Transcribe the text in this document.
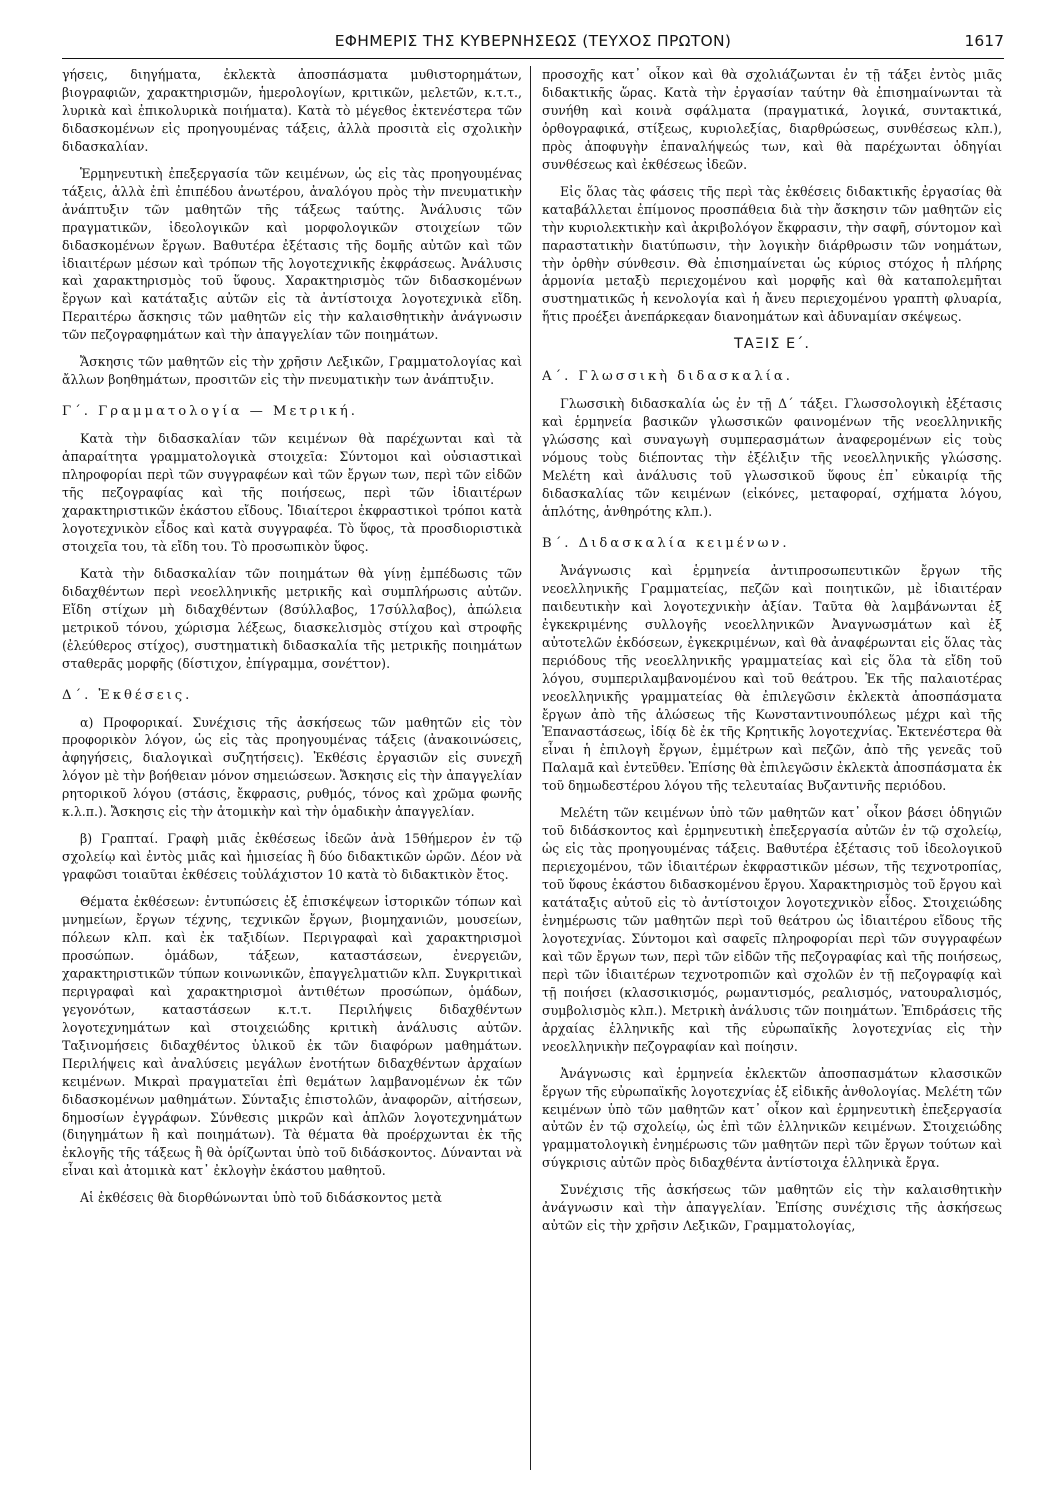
ΕΦΗΜΕΡΙΣ ΤΗΣ ΚΥΒΕΡΝΗΣΕΩΣ (ΤΕΥΧΟΣ ΠΡΩΤΟΝ)	1617

γήσεις, διηγήματα, ἐκλεκτὰ ἀποσπάσματα μυθιστορημάτων, βιογραφιῶν, χαρακτηρισμῶν, ἡμερολογίων, κριτικῶν, μελετῶν, κ.τ.τ., λυρικὰ καὶ ἐπικολυρικὰ ποιήματα). Κατὰ τὸ μέγεθος ἐκτενέστερα τῶν διδασκομένων εἰς προηγουμένας τάξεις, ἀλλὰ προσιτὰ εἰς σχολικὴν διδασκαλίαν.

Ἑρμηνευτικὴ ἐπεξεργασία τῶν κειμένων, ὡς εἰς τὰς προηγουμένας τάξεις, ἀλλὰ ἐπὶ ἐπιπέδου ἀνωτέρου, ἀναλόγου πρὸς τὴν πνευματικὴν ἀνάπτυξιν τῶν μαθητῶν τῆς τάξεως ταύτης. Ἀνάλυσις τῶν πραγματικῶν, ἰδεολογικῶν καὶ μορφολογικῶν στοιχείων τῶν διδασκομένων ἔργων. Βαθυτέρα ἐξέτασις τῆς δομῆς αὐτῶν καὶ τῶν ἰδιαιτέρων μέσων καὶ τρόπων τῆς λογοτεχνικῆς ἐκφράσεως. Ἀνάλυσις καὶ χαρακτηρισμὸς τοῦ ὕφους. Χαρακτηρισμὸς τῶν διδασκομένων ἔργων καὶ κατάταξις αὐτῶν εἰς τὰ ἀντίστοιχα λογοτεχνικὰ εἴδη. Περαιτέρω ἄσκησις τῶν μαθητῶν εἰς τὴν καλαισθητικὴν ἀνάγνωσιν τῶν πεζογραφημάτων καὶ τὴν ἀπαγγελίαν τῶν ποιημάτων.

Ἄσκησις τῶν μαθητῶν εἰς τὴν χρῆσιν Λεξικῶν, Γραμματολογίας καὶ ἄλλων βοηθημάτων, προσιτῶν εἰς τὴν πνευματικὴν των ἀνάπτυξιν.

Γ΄. Γραμματολογία — Μετρική.

Κατὰ τὴν διδασκαλίαν τῶν κειμένων θὰ παρέχωνται καὶ τὰ ἀπαραίτητα γραμματολογικὰ στοιχεῖα: Σύντομοι καὶ οὐσιαστικαὶ πληροφορίαι περὶ τῶν συγγραφέων καὶ τῶν ἔργων των, περὶ τῶν εἰδῶν τῆς πεζογραφίας καὶ τῆς ποιήσεως, περὶ τῶν ἰδιαιτέρων χαρακτηριστικῶν ἑκάστου εἴδους. Ἰδιαίτεροι ἐκφραστικοὶ τρόποι κατὰ λογοτεχνικὸν εἶδος καὶ κατὰ συγγραφέα. Τὸ ὕφος, τὰ προσδιοριστικὰ στοιχεῖα του, τὰ εἴδη του. Τὸ προσωπικὸν ὕφος.

Κατὰ τὴν διδασκαλίαν τῶν ποιημάτων θὰ γίνῃ ἐμπέδωσις τῶν διδαχθέντων περὶ νεοελληνικῆς μετρικῆς καὶ συμπλήρωσις αὐτῶν. Εἴδη στίχων μὴ διδαχθέντων (8σύλλαβος, 17σύλλαβος), ἀπώλεια μετρικοῦ τόνου, χώρισμα λέξεως, διασκελισμὸς στίχου καὶ στροφῆς (ἐλεύθερος στίχος), συστηματικὴ διδασκαλία τῆς μετρικῆς ποιημάτων σταθερᾶς μορφῆς (δίστιχον, ἐπίγραμμα, σονέττον).

Δ΄. Ἐκθέσεις.

α) Προφορικαί. Συνέχισις τῆς ἀσκήσεως τῶν μαθητῶν εἰς τὸν προφορικὸν λόγον, ὡς εἰς τὰς προηγουμένας τάξεις (ἀνακοινώσεις, ἀφηγήσεις, διαλογικαὶ συζητήσεις). Ἐκθέσις ἐργασιῶν εἰς συνεχῆ λόγον μὲ τὴν βοήθειαν μόνον σημειώσεων. Ἄσκησις εἰς τὴν ἀπαγγελίαν ρητορικοῦ λόγου (στάσις, ἔκφρασις, ρυθμός, τόνος καὶ χρῶμα φωνῆς κ.λ.π.). Ἄσκησις εἰς τὴν ἀτομικὴν καὶ τὴν ὁμαδικὴν ἀπαγγελίαν.

β) Γραπταί. Γραφὴ μιᾶς ἐκθέσεως ἰδεῶν ἀνὰ 15θήμερον ἐν τῷ σχολείῳ καὶ ἐντὸς μιᾶς καὶ ἡμισείας ἢ δύο διδακτικῶν ὡρῶν. Δέον νὰ γραφῶσι τοιαῦται ἐκθέσεις τοὐλάχιστον 10 κατὰ τὸ διδακτικὸν ἔτος.

Θέματα ἐκθέσεων: ἐντυπώσεις ἐξ ἐπισκέψεων ἱστορικῶν τόπων καὶ μνημείων, ἔργων τέχνης, τεχνικῶν ἔργων, βιομηχανιῶν, μουσείων, πόλεων κλπ. καὶ ἐκ ταξιδίων. Περιγραφαὶ καὶ χαρακτηρισμοὶ προσώπων. ὁμάδων, τάξεων, καταστάσεων, ἐνεργειῶν, χαρακτηριστικῶν τύπων κοινωνικῶν, ἐπαγγελματιῶν κλπ. Συγκριτικαὶ περιγραφαὶ καὶ χαρακτηρισμοὶ ἀντιθέτων προσώπων, ὁμάδων, γεγονότων, καταστάσεων κ.τ.τ. Περιλήψεις διδαχθέντων λογοτεχνημάτων καὶ στοιχειώδης κριτικὴ ἀνάλυσις αὐτῶν. Ταξινομήσεις διδαχθέντος ὑλικοῦ ἐκ τῶν διαφόρων μαθημάτων. Περιλήψεις καὶ ἀναλύσεις μεγάλων ἑνοτήτων διδαχθέντων ἀρχαίων κειμένων. Μικραὶ πραγματεῖαι ἐπὶ θεμάτων λαμβανομένων ἐκ τῶν διδασκομένων μαθημάτων. Σύνταξις ἐπιστολῶν, ἀναφορῶν, αἰτήσεων, δημοσίων ἐγγράφων. Σύνθεσις μικρῶν καὶ ἁπλῶν λογοτεχνημάτων (διηγημάτων ἢ καὶ ποιημάτων). Τὰ θέματα θὰ προέρχωνται ἐκ τῆς ἐκλογῆς τῆς τάξεως ἢ θὰ ὁρίζωνται ὑπὸ τοῦ διδάσκοντος. Δύνανται νὰ εἶναι καὶ ἀτομικὰ κατ᾿ ἐκλογὴν ἑκάστου μαθητοῦ.

Αἱ ἐκθέσεις θὰ διορθώνωνται ὑπὸ τοῦ διδάσκοντος μετὰ

προσοχῆς κατ᾿ οἶκον καὶ θὰ σχολιάζωνται ἐν τῇ τάξει ἐντὸς μιᾶς διδακτικῆς ὥρας. Κατὰ τὴν ἐργασίαν ταύτην θὰ ἐπισημαίνωνται τὰ συνήθη καὶ κοινὰ σφάλματα (πραγματικά, λογικά, συντακτικά, ὀρθογραφικά, στίξεως, κυριολεξίας, διαρθρώσεως, συνθέσεως κλπ.), πρὸς ἀποφυγὴν ἐπαναλήψεώς των, καὶ θὰ παρέχωνται ὁδηγίαι συνθέσεως καὶ ἐκθέσεως ἰδεῶν.

Εἰς ὅλας τὰς φάσεις τῆς περὶ τὰς ἐκθέσεις διδακτικῆς ἐργασίας θὰ καταβάλλεται ἐπίμονος προσπάθεια διὰ τὴν ἄσκησιν τῶν μαθητῶν εἰς τὴν κυριολεκτικὴν καὶ ἀκριβολόγον ἔκφρασιν, τὴν σαφῆ, σύντομον καὶ παραστατικὴν διατύπωσιν, τὴν λογικὴν διάρθρωσιν τῶν νοημάτων, τὴν ὀρθὴν σύνθεσιν. Θὰ ἐπισημαίνεται ὡς κύριος στόχος ἡ πλήρης ἁρμονία μεταξὺ περιεχομένου καὶ μορφῆς καὶ θὰ καταπολεμῆται συστηματικῶς ἡ κενολογία καὶ ἡ ἄνευ περιεχομένου γραπτὴ φλυαρία, ἥτις προέξει ἀνεπάρκεᾳαν διανοημάτων καὶ ἀδυναμίαν σκέψεως.

ΤΑΞΙΣ Ε΄.
Α΄. Γλωσσικὴ διδασκαλία.

Γλωσσικὴ διδασκαλία ὡς ἐν τῇ Δ΄ τάξει. Γλωσσολογικὴ ἐξέτασις καὶ ἑρμηνεία βασικῶν γλωσσικῶν φαινομένων τῆς νεοελληνικῆς γλώσσης καὶ συναγωγὴ συμπερασμάτων ἀναφερομένων εἰς τοὺς νόμους τοὺς διέποντας τὴν ἐξέλιξιν τῆς νεοελληνικῆς γλώσσης. Μελέτη καὶ ἀνάλυσις τοῦ γλωσσικοῦ ὕφους ἐπ᾿ εὐκαιρίᾳ τῆς διδασκαλίας τῶν κειμένων (εἰκόνες, μεταφοραί, σχήματα λόγου, ἁπλότης, ἀνθηρότης κλπ.).

Β΄. Διδασκαλία κειμένων.

Ἀνάγνωσις καὶ ἑρμηνεία ἀντιπροσωπευτικῶν ἔργων τῆς νεοελληνικῆς Γραμματείας, πεζῶν καὶ ποιητικῶν, μὲ ἰδιαιτέραν παιδευτικὴν καὶ λογοτεχνικὴν ἀξίαν. Ταῦτα θὰ λαμβάνωνται ἐξ ἐγκεκριμένης συλλογῆς νεοελληνικῶν Ἀναγνωσμάτων καὶ ἐξ αὐτοτελῶν ἐκδόσεων, ἐγκεκριμένων, καὶ θὰ ἀναφέρωνται εἰς ὅλας τὰς περιόδους τῆς νεοελληνικῆς γραμματείας καὶ εἰς ὅλα τὰ εἴδη τοῦ λόγου, συμπεριλαμβανομένου καὶ τοῦ θεάτρου. Ἐκ τῆς παλαιοτέρας νεοελληνικῆς γραμματείας θὰ ἐπιλεγῶσιν ἐκλεκτὰ ἀποσπάσματα ἔργων ἀπὸ τῆς ἁλώσεως τῆς Κωνσταντινουπόλεως μέχρι καὶ τῆς Ἐπαναστάσεως, ἰδίᾳ δὲ ἐκ τῆς Κρητικῆς λογοτεχνίας. Ἐκτενέστερα θὰ εἶναι ἡ ἐπιλογὴ ἔργων, ἐμμέτρων καὶ πεζῶν, ἀπὸ τῆς γενεᾶς τοῦ Παλαμᾶ καὶ ἐντεῦθεν. Ἐπίσης θὰ ἐπιλεγῶσιν ἐκλεκτὰ ἀποσπάσματα ἐκ τοῦ δημωδεστέρου λόγου τῆς τελευταίας Βυζαντινῆς περιόδου.

Μελέτη τῶν κειμένων ὑπὸ τῶν μαθητῶν κατ᾿ οἶκον βάσει ὁδηγιῶν τοῦ διδάσκοντος καὶ ἑρμηνευτικὴ ἐπεξεργασία αὐτῶν ἐν τῷ σχολείῳ, ὡς εἰς τὰς προηγουμένας τάξεις. Βαθυτέρα ἐξέτασις τοῦ ἰδεολογικοῦ περιεχομένου, τῶν ἰδιαιτέρων ἐκφραστικῶν μέσων, τῆς τεχνοτροπίας, τοῦ ὕφους ἑκάστου διδασκομένου ἔργου. Χαρακτηρισμὸς τοῦ ἔργου καὶ κατάταξις αὐτοῦ εἰς τὸ ἀντίστοιχον λογοτεχνικὸν εἶδος. Στοιχειώδης ἐνημέρωσις τῶν μαθητῶν περὶ τοῦ θεάτρου ὡς ἰδιαιτέρου εἴδους τῆς λογοτεχνίας. Σύντομοι καὶ σαφεῖς πληροφορίαι περὶ τῶν συγγραφέων καὶ τῶν ἔργων των, περὶ τῶν εἰδῶν τῆς πεζογραφίας καὶ τῆς ποιήσεως, περὶ τῶν ἰδιαιτέρων τεχνοτροπιῶν καὶ σχολῶν ἐν τῇ πεζογραφίᾳ καὶ τῇ ποιήσει (κλασσικισμός, ρωμαντισμός, ρεαλισμός, νατουραλισμός, συμβολισμὸς κλπ.). Μετρικὴ ἀνάλυσις τῶν ποιημάτων. Ἐπιδράσεις τῆς ἀρχαίας ἑλληνικῆς καὶ τῆς εὐρωπαϊκῆς λογοτεχνίας εἰς τὴν νεοελληνικὴν πεζογραφίαν καὶ ποίησιν.

Ἀνάγνωσις καὶ ἑρμηνεία ἐκλεκτῶν ἀποσπασμάτων κλασσικῶν ἔργων τῆς εὐρωπαϊκῆς λογοτεχνίας ἐξ εἰδικῆς ἀνθολογίας. Μελέτη τῶν κειμένων ὑπὸ τῶν μαθητῶν κατ᾿ οἶκον καὶ ἑρμηνευτικὴ ἐπεξεργασία αὐτῶν ἐν τῷ σχολείῳ, ὡς ἐπὶ τῶν ἑλληνικῶν κειμένων. Στοιχειώδης γραμματολογικὴ ἐνημέρωσις τῶν μαθητῶν περὶ τῶν ἔργων τούτων καὶ σύγκρισις αὐτῶν πρὸς διδαχθέντα ἀντίστοιχα ἑλληνικὰ ἔργα.

Συνέχισις τῆς ἀσκήσεως τῶν μαθητῶν εἰς τὴν καλαισθητικὴν ἀνάγνωσιν καὶ τὴν ἀπαγγελίαν. Ἐπίσης συνέχισις τῆς ἀσκήσεως αὐτῶν εἰς τὴν χρῆσιν Λεξικῶν, Γραμματολογίας,
